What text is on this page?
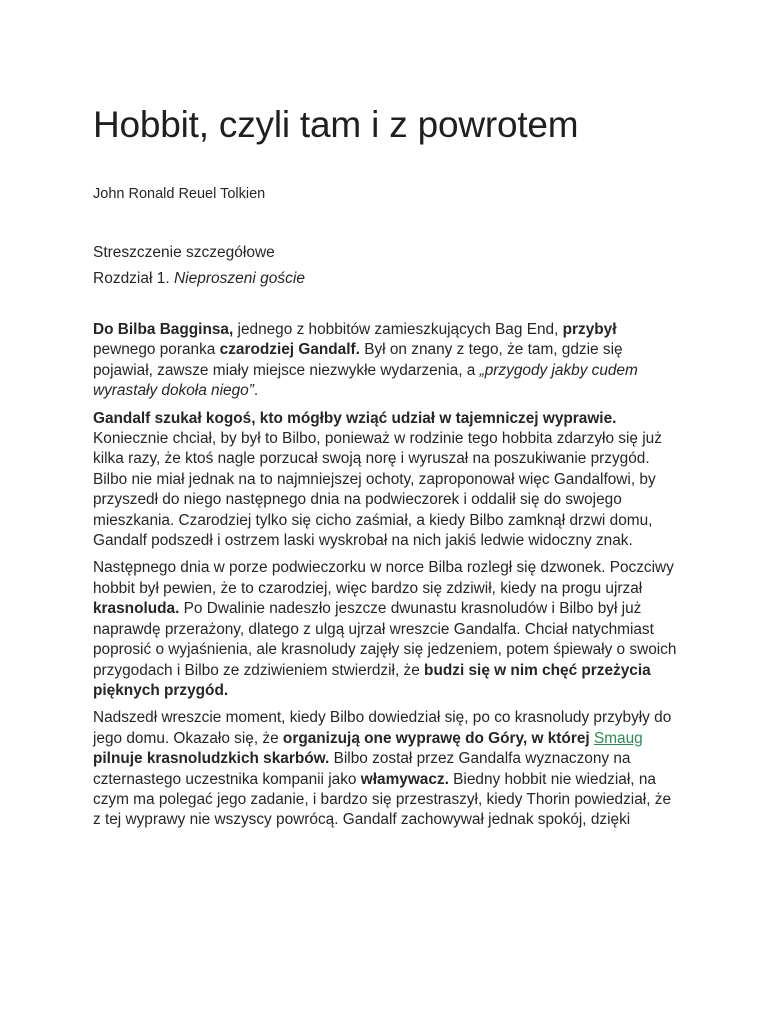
Hobbit, czyli tam i z powrotem
John Ronald Reuel Tolkien
Streszczenie szczegółowe
Rozdział 1. Nieproszeni goście

Do Bilba Bagginsa, jednego z hobbitów zamieszkujących Bag End, przybył pewnego poranka czarodziej Gandalf. Był on znany z tego, że tam, gdzie się pojawiał, zawsze miały miejsce niezwykłe wydarzenia, a „przygody jakby cudem wyrastały dokoła niego”.

Gandalf szukał kogoś, kto mógłby wziąć udział w tajemniczej wyprawie. Koniecznie chciał, by był to Bilbo, ponieważ w rodzinie tego hobbita zdarzyło się już kilka razy, że ktoś nagle porzucał swoją norę i wyruszał na poszukiwanie przygód. Bilbo nie miał jednak na to najmniejszej ochoty, zaproponował więc Gandalfowi, by przyszedł do niego następnego dnia na podwieczorek i oddalił się do swojego mieszkania. Czarodziej tylko się cicho zaśmiał, a kiedy Bilbo zamknął drzwi domu, Gandalf podszedł i ostrzem laski wyskrobał na nich jakiś ledwie widoczny znak.

Następnego dnia w porze podwieczorku w norce Bilba rozległ się dzwonek. Poczciwy hobbit był pewien, że to czarodziej, więc bardzo się zdziwił, kiedy na progu ujrzał krasnoluda. Po Dwalinie nadeszło jeszcze dwunastu krasnoludów i Bilbo był już naprawdę przerażony, dlatego z ulgą ujrzał wreszcie Gandalfa. Chciał natychmiast poprosić o wyjaśnienia, ale krasnoludy zajęły się jedzeniem, potem śpiewały o swoich przygodach i Bilbo ze zdziwieniem stwierdził, że budzi się w nim chęć przeżycia pięknych przygód.

Nadszedł wreszcie moment, kiedy Bilbo dowiedział się, po co krasnoludy przybyły do jego domu. Okazało się, że organizują one wyprawę do Góry, w której Smaug pilnuje krasnoludzkich skarbów. Bilbo został przez Gandalfa wyznaczony na czternastego uczestnika kompanii jako włamywacz. Biedny hobbit nie wiedział, na czym ma polegać jego zadanie, i bardzo się przestraszył, kiedy Thorin powiedział, że z tej wyprawy nie wszyscy powrócą. Gandalf zachowywał jednak spokój, dzięki
